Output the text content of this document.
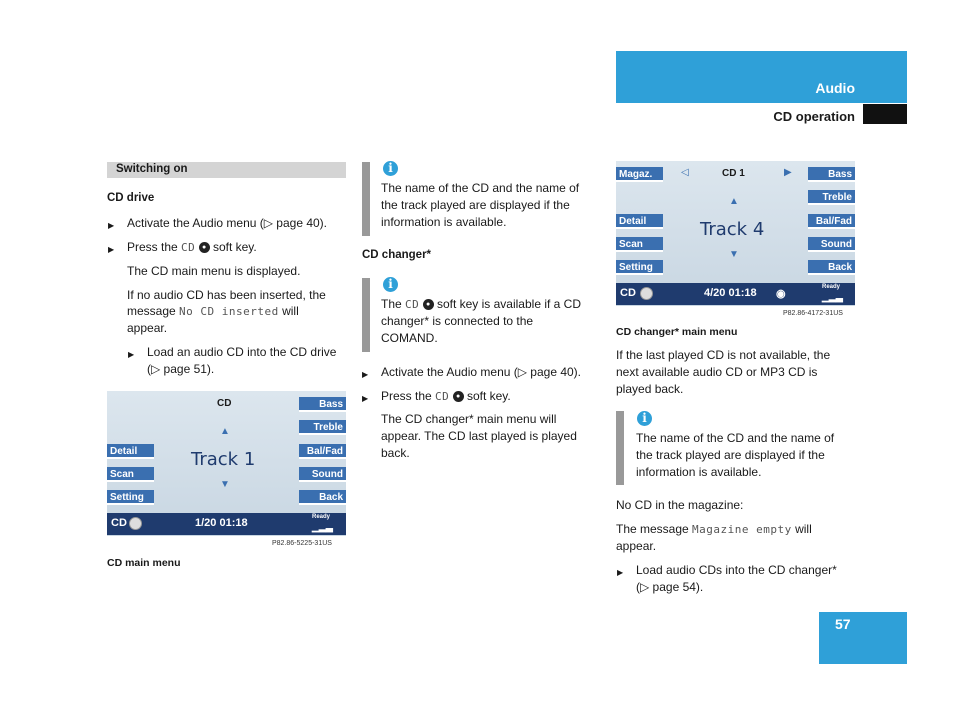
Audio
CD operation
Switching on
CD drive
▶ Activate the Audio menu (▷ page 40).
▶ Press the CD ● soft key.
The CD main menu is displayed.
If no audio CD has been inserted, the
message No CD inserted will
appear.
▶ Load an audio CD into the CD drive
(▷ page 51).
CD
▲
▼
Track 1
Detail
Scan
Setting
Bass
Treble
Bal/Fad
Sound
Back
CD	1/20 01:18	Ready
▁▂▃
P82.86-5225-31US
CD main menu
i
The name of the CD and the name of
the track played are displayed if the
information is available.
CD changer*
i
The CD ● soft key is available if a CD
changer* is connected to the
COMAND.
▶ Activate the Audio menu (▷ page 40).
▶ Press the CD ● soft key.
The CD changer* main menu will
appear. The CD last played is played
back.
Magaz.	◁	CD 1	▶
▲
▼
Track 4
Detail
Scan
Setting
Bass
Treble
Bal/Fad
Sound
Back
CD	4/20 01:18 ◉
Ready
▁▂▃
P82.86-4172-31US
CD changer* main menu
If the last played CD is not available, the
next available audio CD or MP3 CD is
played back.
i
The name of the CD and the name of
the track played are displayed if the
information is available.
No CD in the magazine:
The message Magazine empty will
appear.
▶ Load audio CDs into the CD changer*
(▷ page 54).
57
